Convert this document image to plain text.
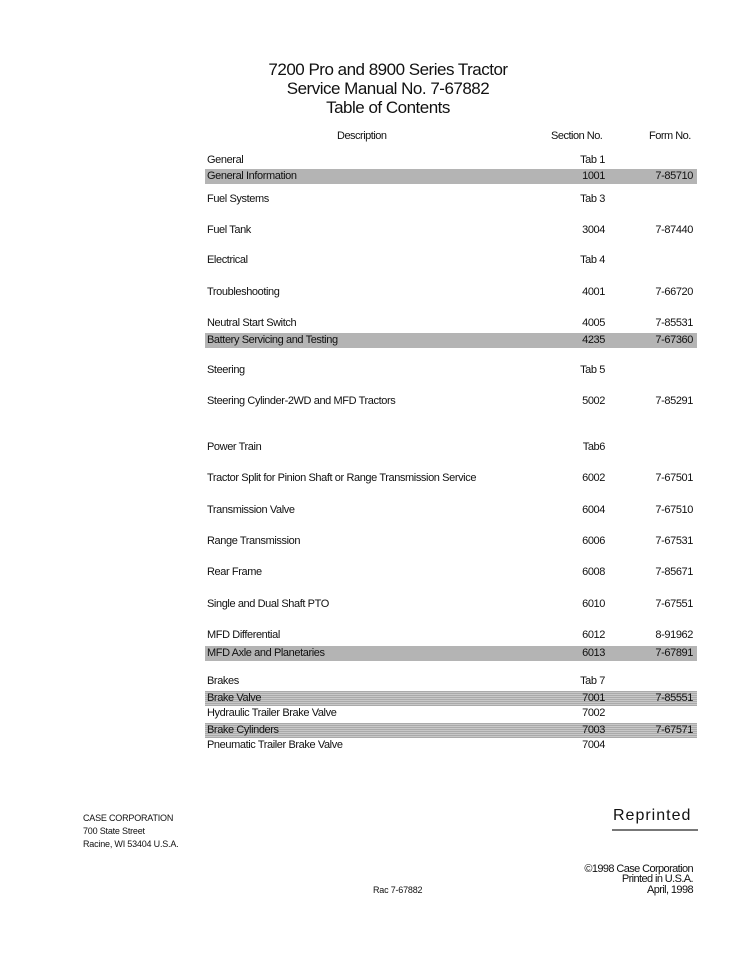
7200 Pro and 8900 Series Tractor
Service Manual No. 7-67882
Table of Contents
Description	Section No.	Form No.
General	Tab 1
General Information	1001	7-85710
Fuel Systems	Tab 3
Fuel Tank	3004	7-87440
Electrical	Tab 4
Troubleshooting	4001	7-66720
Neutral Start Switch	4005	7-85531
Battery Servicing and Testing	4235	7-67360
Steering	Tab 5
Steering Cylinder-2WD and MFD Tractors	5002	7-85291
Power Train	Tab6
Tractor Split for Pinion Shaft or Range Transmission Service	6002	7-67501
Transmission Valve	6004	7-67510
Range Transmission	6006	7-67531
Rear Frame	6008	7-85671
Single and Dual Shaft PTO	6010	7-67551
MFD Differential	6012	8-91962
MFD Axle and Planetaries	6013	7-67891
Brakes	Tab 7
Brake Valve	7001	7-85551
Hydraulic Trailer Brake Valve	7002
Brake Cylinders	7003	7-67571
Pneumatic Trailer Brake Valve	7004
CASE CORPORATION
700 State Street
Racine, WI 53404 U.S.A.
Reprinted
©1998 Case Corporation
Printed in U.S.A.
April, 1998
Rac 7-67882
